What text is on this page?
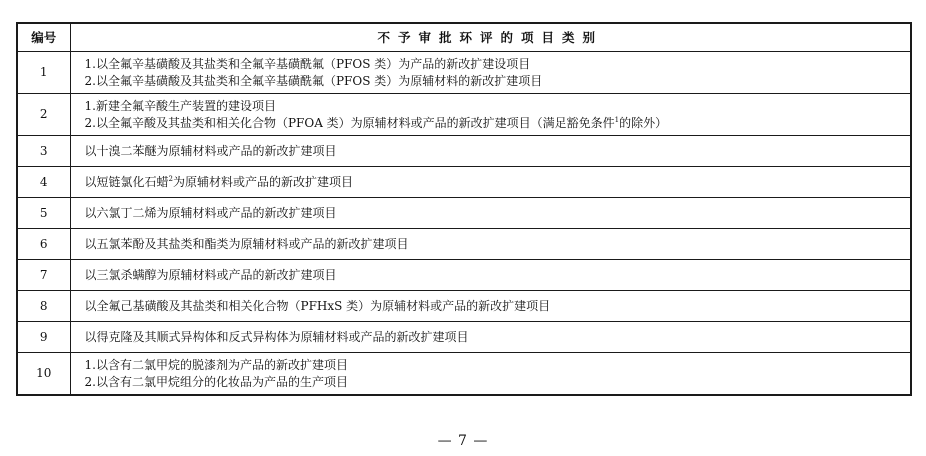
编号	不予审批环评的项目类别
1	1.以全氟辛基磺酸及其盐类和全氟辛基磺酰氟（PFOS 类）为产品的新改扩建设项目
2.以全氟辛基磺酸及其盐类和全氟辛基磺酰氟（PFOS 类）为原辅材料的新改扩建项目

2	1.新建全氟辛酸生产装置的建设项目
2.以全氟辛酸及其盐类和相关化合物（PFOA 类）为原辅材料或产品的新改扩建项目（满足豁免条件$^1$的除外）

3	以十溴二苯醚为原辅材料或产品的新改扩建项目
4	以短链氯化石蜡$^2$为原辅材料或产品的新改扩建项目
5	以六氯丁二烯为原辅材料或产品的新改扩建项目
6	以五氯苯酚及其盐类和酯类为原辅材料或产品的新改扩建项目
7	以三氯杀螨醇为原辅材料或产品的新改扩建项目
8	以全氟己基磺酸及其盐类和相关化合物（PFHxS 类）为原辅材料或产品的新改扩建项目
9	以得克隆及其顺式异构体和反式异构体为原辅材料或产品的新改扩建项目
10	1.以含有二氯甲烷的脱漆剂为产品的新改扩建项目
2.以含有二氯甲烷组分的化妆品为产品的生产项目
— 7 —
